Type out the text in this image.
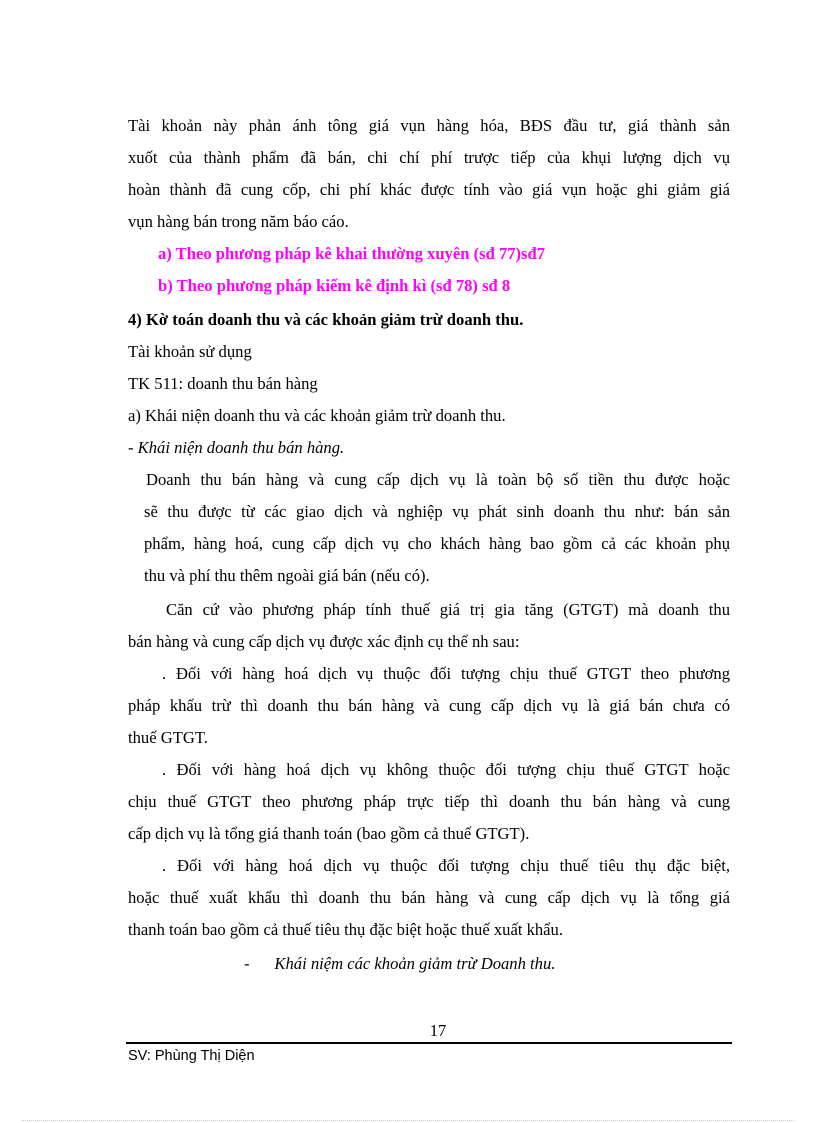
Tài khoản này phản ánh tông giá vụn hàng hóa, BĐS đầu tư, giá thành sản
xuốt của thành phẩm đã bán, chi chí phí trược tiếp của khụi lượng dịch vụ
hoàn thành đã cung cốp, chi phí khác được tính vào giá vụn hoặc ghi giảm giá
vụn hàng bán trong năm báo cáo.
a) Theo phương pháp kê khai thường xuyên (sđ 77)sđ7
b) Theo phương pháp kiểm kê định kì (sđ 78) sđ 8
4) Kờ toán doanh thu và các khoản giảm trừ doanh thu.
Tài khoản sử dụng
TK 511: doanh thu bán hàng
a) Khái niện doanh thu và các khoản giảm trừ doanh thu.
- Khái niện doanh thu bán hàng.
Doanh thu bán hàng và cung cấp dịch vụ là toàn bộ số tiền thu được hoặc
sẽ thu được từ các giao dịch và nghiệp vụ phát sinh doanh thu như: bán sản
phẩm, hàng hoá, cung cấp dịch vụ cho khách hàng bao gồm cả các khoản phụ
thu và phí thu thêm ngoài giá bán (nếu có).
Căn cứ vào phương pháp tính thuế giá trị gia tăng (GTGT) mà doanh thu
bán hàng và cung cấp dịch vụ được xác định cụ thể nh sau:
. Đối với hàng hoá dịch vụ thuộc đối tượng chịu thuế GTGT theo phương
pháp khấu trừ thì doanh thu bán hàng và cung cấp dịch vụ là giá bán chưa có
thuế GTGT.
. Đối với hàng hoá dịch vụ không thuộc đối tượng chịu thuế GTGT hoặc
chịu thuế GTGT theo phương pháp trực tiếp thì doanh thu bán hàng và cung
cấp dịch vụ là tổng giá thanh toán (bao gồm cả thuế GTGT).
. Đối với hàng hoá dịch vụ thuộc đối tượng chịu thuế tiêu thụ đặc biệt,
hoặc thuế xuất khẩu thì doanh thu bán hàng và cung cấp dịch vụ là tổng giá
thanh toán bao gồm cả thuế tiêu thụ đặc biệt hoặc thuế xuất khẩu.
-      Khái niệm các khoản giảm trừ Doanh thu.
17
SV: Phùng Thị Diện
